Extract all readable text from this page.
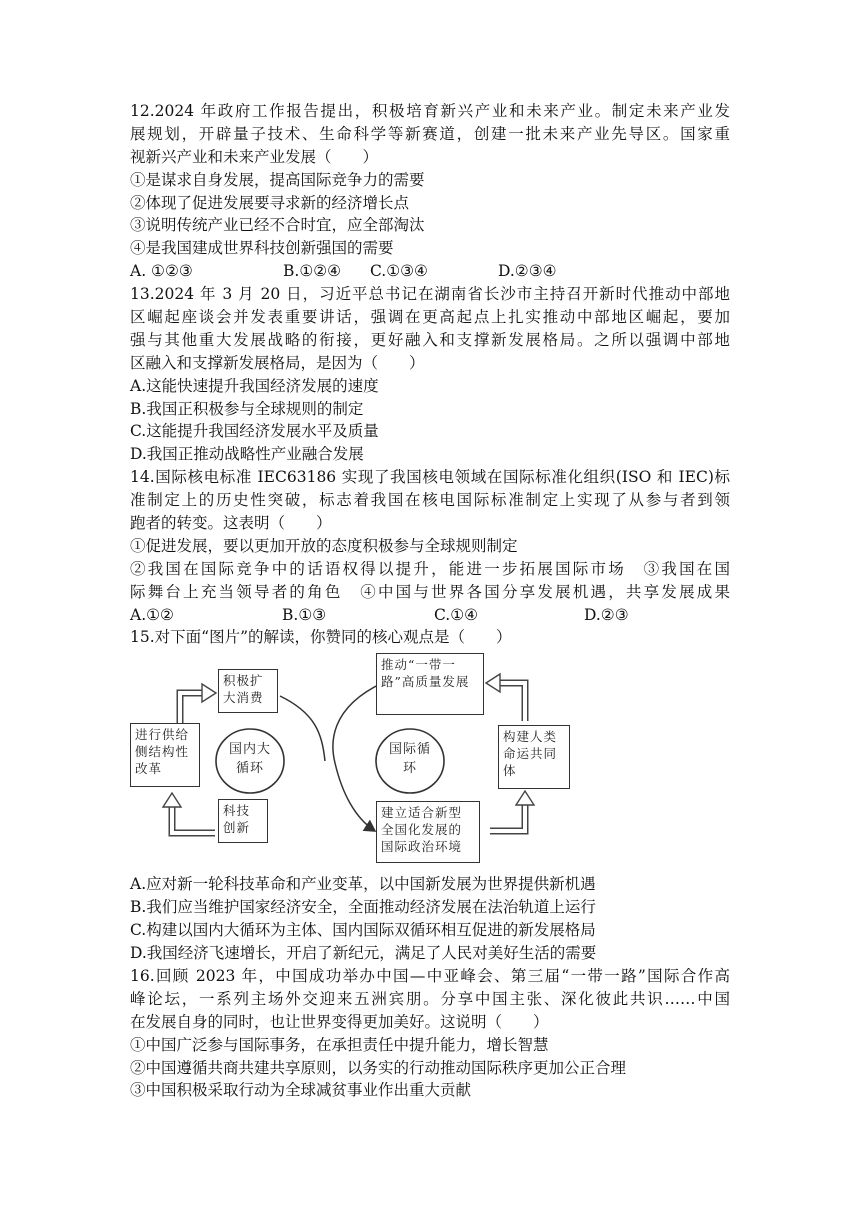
12.2024 年政府工作报告提出，积极培育新兴产业和未来产业。制定未来产业发
展规划，开辟量子技术、生命科学等新赛道，创建一批未来产业先导区。国家重
视新兴产业和未来产业发展（　　）
①是谋求自身发展，提高国际竞争力的需要
②体现了促进发展要寻求新的经济增长点
③说明传统产业已经不合时宜，应全部淘汰
④是我国建成世界科技创新强国的需要
A. ①②③	B.①②④	C.①③④	D.②③④
13.2024 年 3 月 20 日，习近平总书记在湖南省长沙市主持召开新时代推动中部地
区崛起座谈会并发表重要讲话，强调在更高起点上扎实推动中部地区崛起，要加
强与其他重大发展战略的衔接，更好融入和支撑新发展格局。之所以强调中部地
区融入和支撑新发展格局，是因为（　　）
A.这能快速提升我国经济发展的速度
B.我国正积极参与全球规则的制定
C.这能提升我国经济发展水平及质量
D.我国正推动战略性产业融合发展
14.国际核电标准 IEC63186 实现了我国核电领域在国际标准化组织(ISO 和 IEC)标
准制定上的历史性突破，标志着我国在核电国际标准制定上实现了从参与者到领
跑者的转变。这表明（　　）
①促进发展，要以更加开放的态度积极参与全球规则制定
②我国在国际竞争中的话语权得以提升，能进一步拓展国际市场　③我国在国
际舞台上充当领导者的角色　④中国与世界各国分享发展机遇，共享发展成果
A.①②	B.①③	C.①④	D.②③
15.对下面“图片”的解读，你赞同的核心观点是（　　）
进行供给侧结构性改革
积极扩大消费
科技创新
国内大循环
推动“一带一路”高质量发展
国际循环
构建人类命运共同体
建立适合新型全国化发展的国际政治环境
A.应对新一轮科技革命和产业变革，以中国新发展为世界提供新机遇
B.我们应当维护国家经济安全，全面推动经济发展在法治轨道上运行
C.构建以国内大循环为主体、国内国际双循环相互促进的新发展格局
D.我国经济飞速增长，开启了新纪元，满足了人民对美好生活的需要
16.回顾 2023 年，中国成功举办中国—中亚峰会、第三届“一带一路”国际合作高
峰论坛，一系列主场外交迎来五洲宾朋。分享中国主张、深化彼此共识……中国
在发展自身的同时，也让世界变得更加美好。这说明（　　）
①中国广泛参与国际事务，在承担责任中提升能力，增长智慧
②中国遵循共商共建共享原则，以务实的行动推动国际秩序更加公正合理
③中国积极采取行动为全球减贫事业作出重大贡献
